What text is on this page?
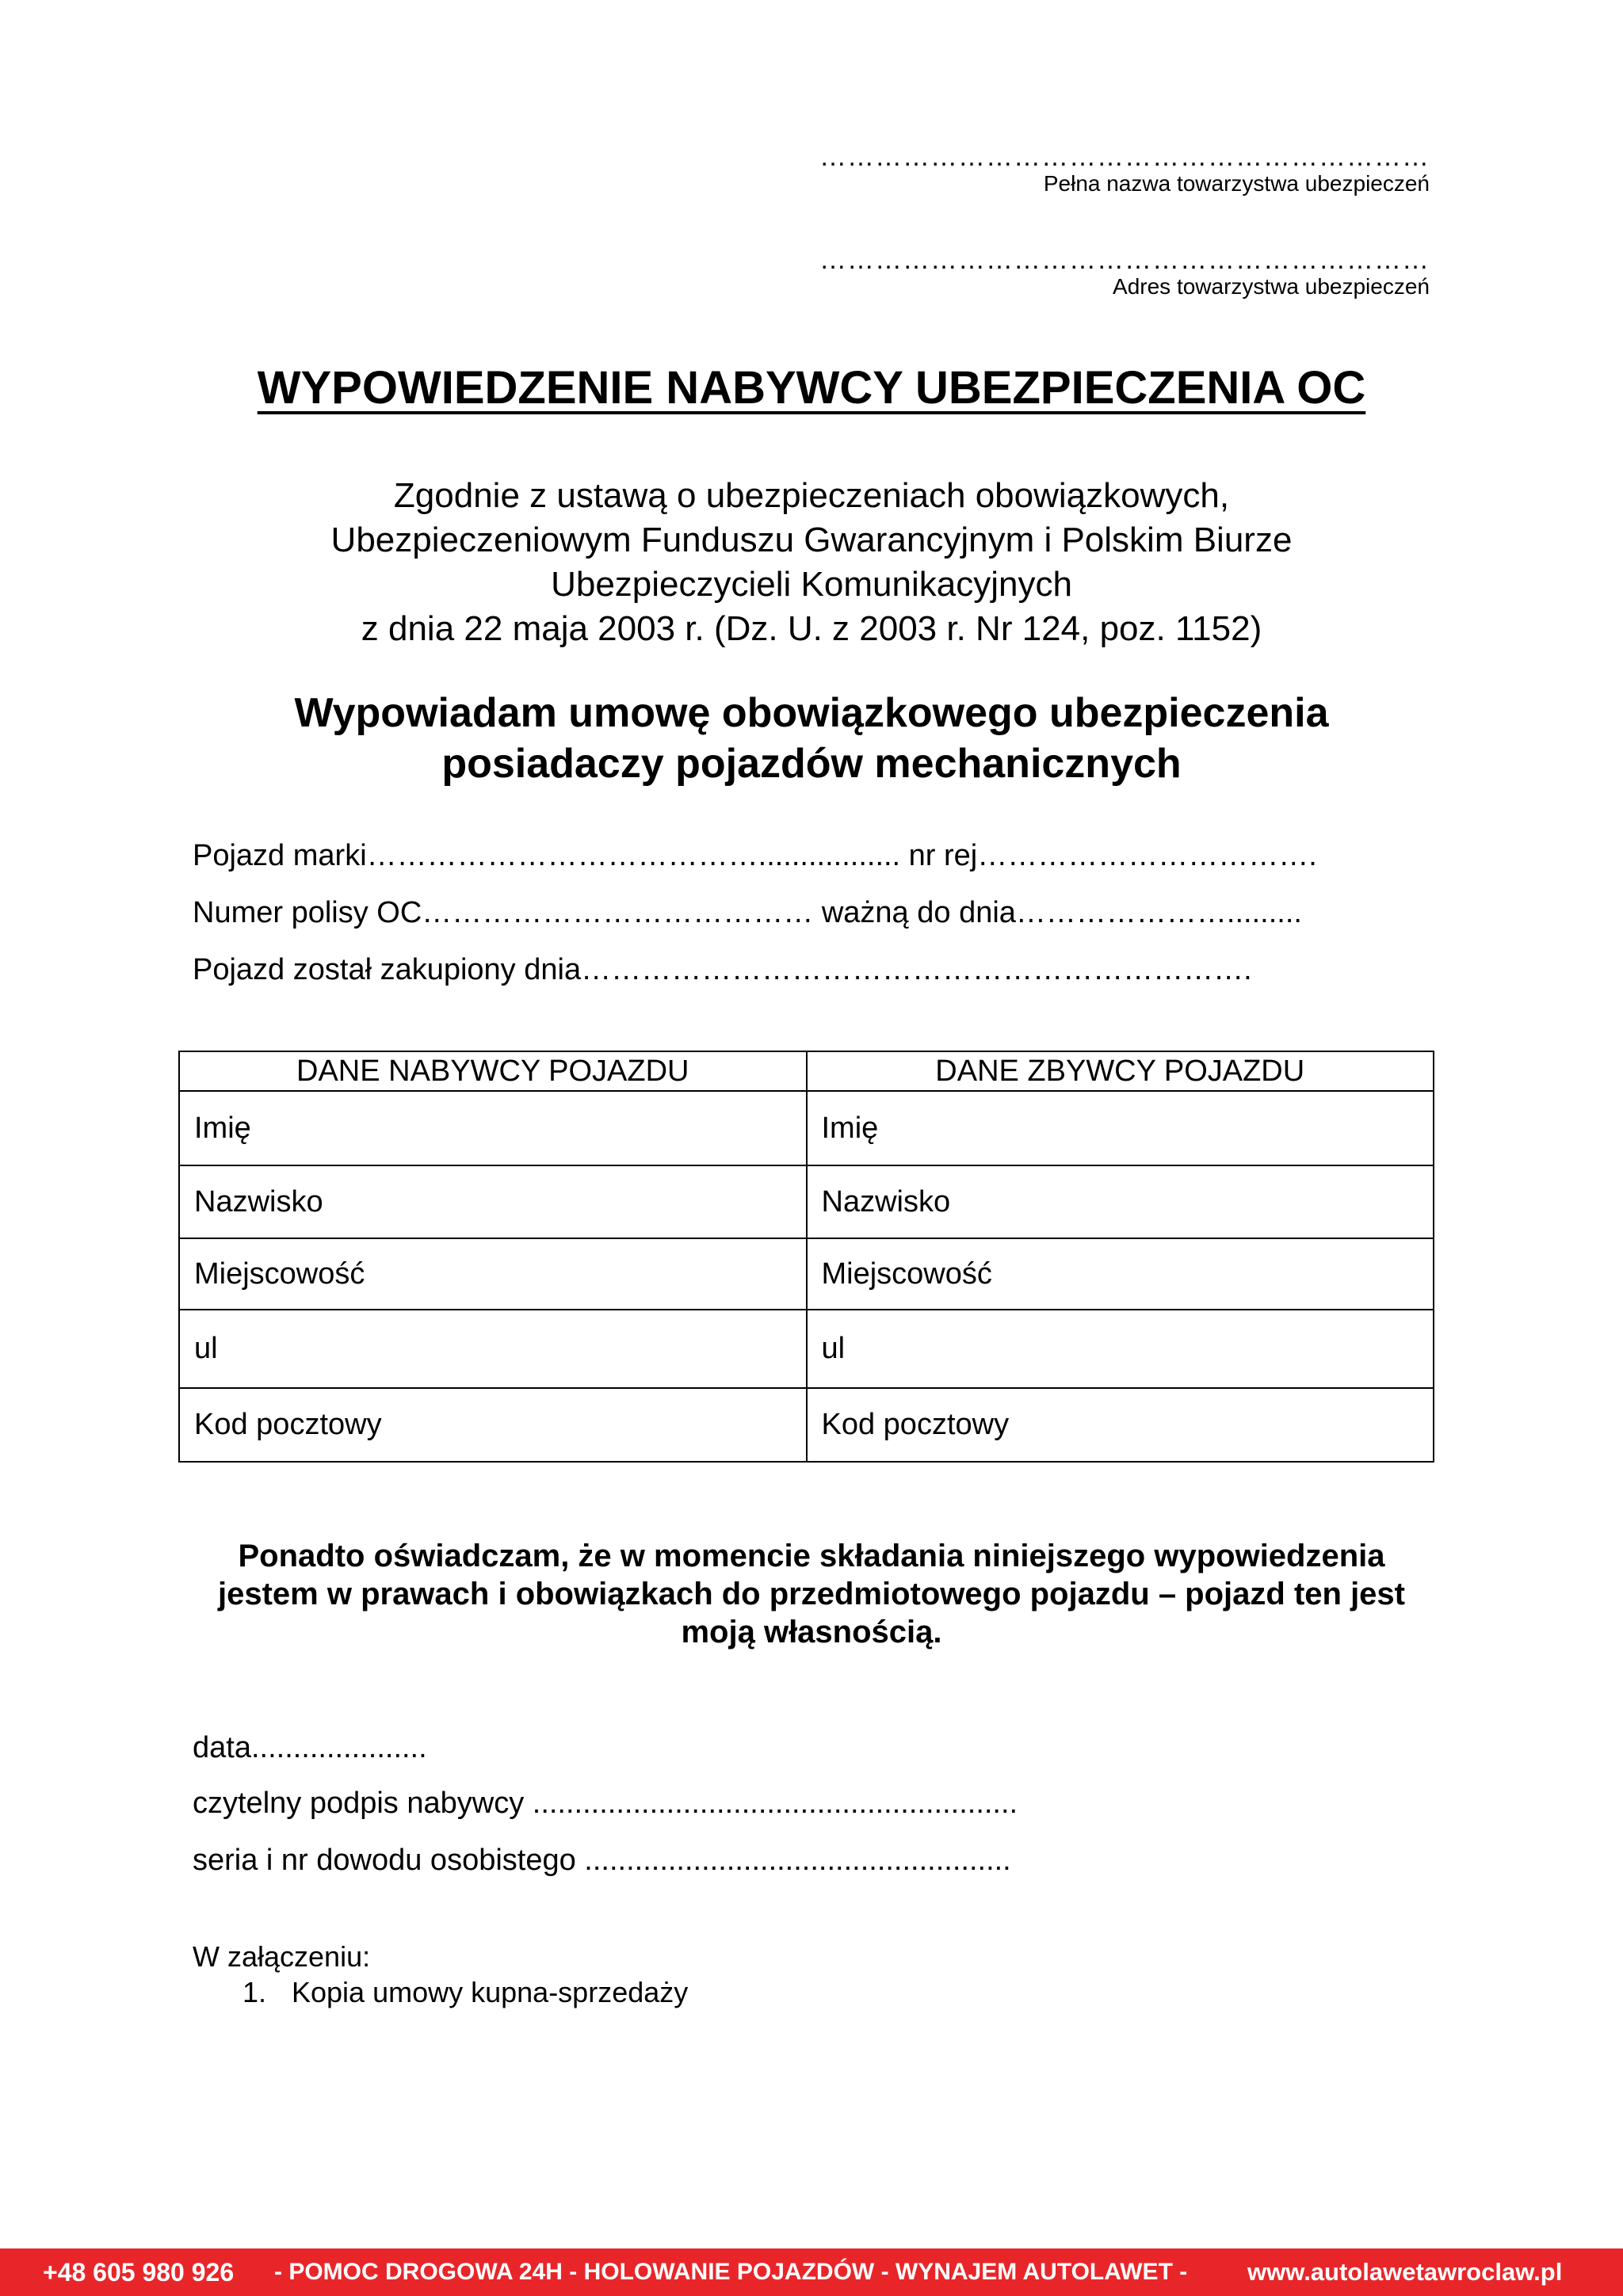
…………………………………………………………
Pełna nazwa towarzystwa ubezpieczeń
…………………………………………………………
Adres towarzystwa ubezpieczeń
WYPOWIEDZENIE NABYWCY UBEZPIECZENIA OC
Zgodnie z ustawą o ubezpieczeniach obowiązkowych,
Ubezpieczeniowym Funduszu Gwarancyjnym i Polskim Biurze
Ubezpieczycieli Komunikacyjnych
z dnia 22 maja 2003 r. (Dz. U. z 2003 r. Nr 124, poz. 1152)
Wypowiadam umowę obowiązkowego ubezpieczenia
posiadaczy pojazdów mechanicznych
Pojazd marki…………………………………................. nr rej…………………………….
Numer polisy OC………………………………… ważną do dnia………………….........
Pojazd został zakupiony dnia………………………………………………………….
DANE NABYWCY POJAZDU	DANE ZBYWCY POJAZDU
Imię	Imię
Nazwisko	Nazwisko
Miejscowość	Miejscowość
ul	ul
Kod pocztowy	Kod pocztowy
Ponadto oświadczam, że w momencie składania niniejszego wypowiedzenia
jestem w prawach i obowiązkach do przedmiotowego pojazdu – pojazd ten jest
moją własnością.
data.....................
czytelny podpis nabywcy ..........................................................
seria i nr dowodu osobistego ...................................................
W załączeniu:
1. Kopia umowy kupna-sprzedaży
+48 605 980 926 - POMOC DROGOWA 24H - HOLOWANIE POJAZDÓW - WYNAJEM AUTOLAWET - www.autolawetawroclaw.pl
